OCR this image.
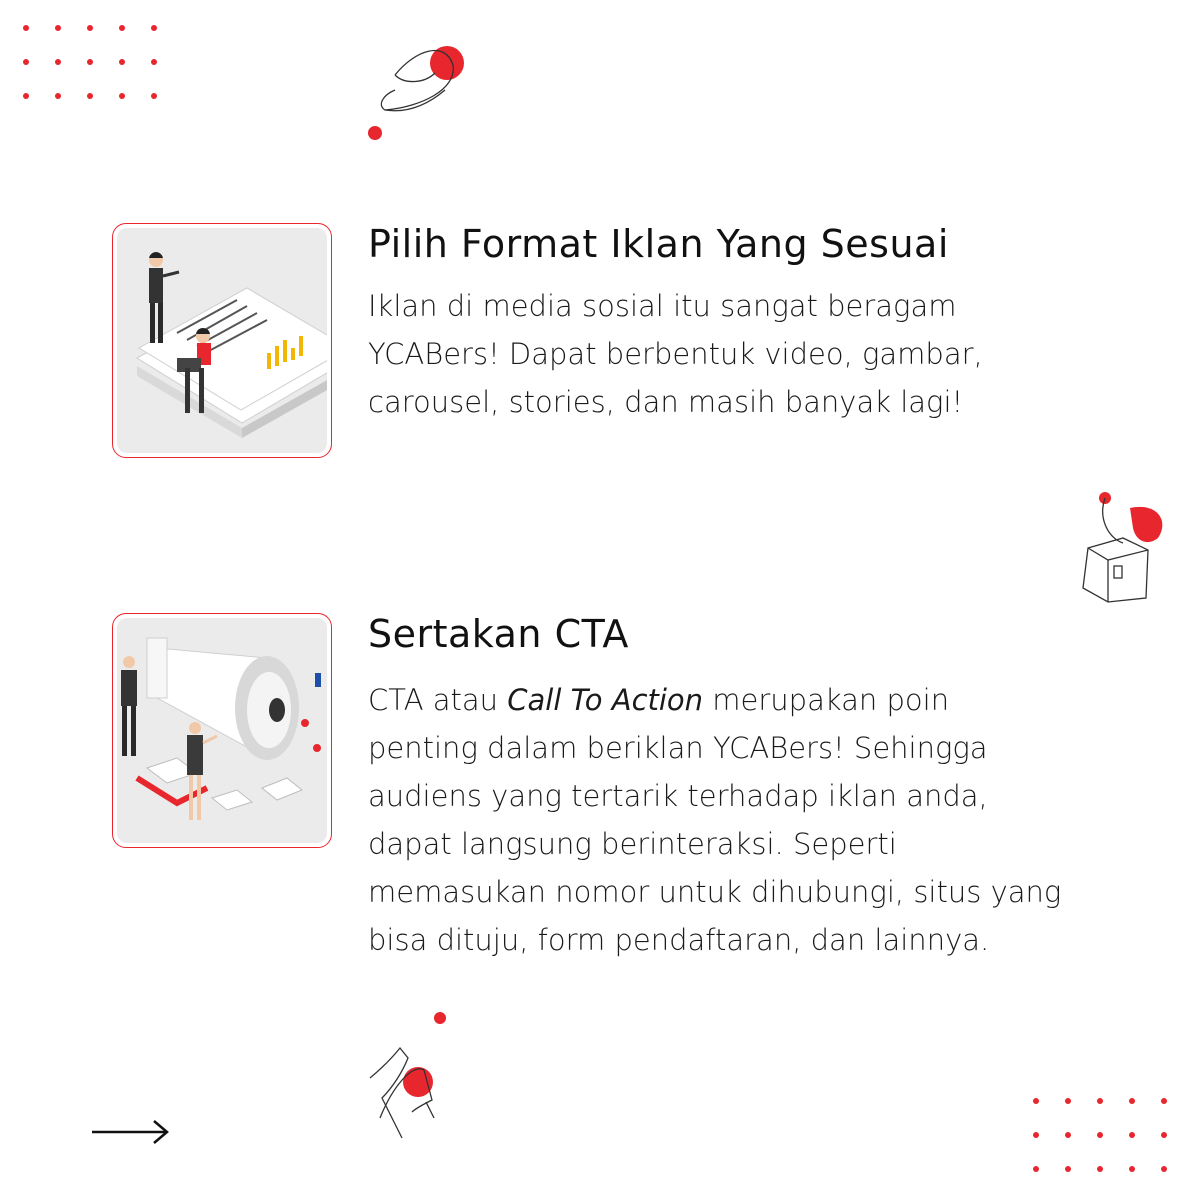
Pilih Format Iklan Yang Sesuai
Iklan di media sosial itu sangat beragam
YCABers! Dapat berbentuk video, gambar,
carousel, stories, dan masih banyak lagi!
Sertakan CTA
CTA atau Call To Action merupakan poin
penting dalam beriklan YCABers! Sehingga
audiens yang tertarik terhadap iklan anda,
dapat langsung berinteraksi. Seperti
memasukan nomor untuk dihubungi, situs yang
bisa dituju, form pendaftaran, dan lainnya.
